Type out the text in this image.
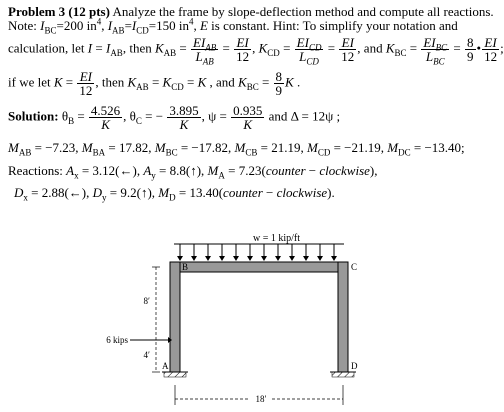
Problem 3 (12 pts) Analyze the frame by slope-deflection method and compute all reactions.
Note: $I_{BC}=200$ $in^4$, $I_{AB}=I_{CD}=150$ $in^4$, E is constant. Hint: To simplify your notation and
calculation, let $I = I_{AB}$, then $K_{AB} = \frac{EI_{AB}}{L_{AB}} = \frac{EI}{12}$ , $K_{CD} = \frac{EI_{CD}}{L_{CD}} = \frac{EI}{12}$ , and $K_{BC} = \frac{EI_{BC}}{L_{BC}} = \frac{8}{9}$ • $\frac{EI}{12}$ ;
if we let $K = \frac{EI}{12}$ , then $K_{AB} = K_{CD} = K$ , and $K_{BC} = \frac{8}{9}$ K .
Solution: $\theta_B = \frac{4.526}{K}$ , $\theta_C$ = − $\frac{3.895}{K}$ , $\psi = \frac{0.935}{K}$ and Δ = 12ψ ;
$M_{AB} = -7.23$, $M_{BA} = 17.82$, $M_{BC} = -17.82$, $M_{CB} = 21.19$, $M_{CD} = -21.19$, $M_{DC} = -13.40$;
Reactions: $A_x$ = 3.12(←), $A_y$ = 8.8(↑), $M_A$ = 7.23(counter − clockwise),
$D_x$ = 2.88(←), $D_y$ = 9.2(↑), $M_D$ = 13.40(counter − clockwise).
w = 1 kip/ft
B	C
A	D
8′
4′
6 kips
18′
